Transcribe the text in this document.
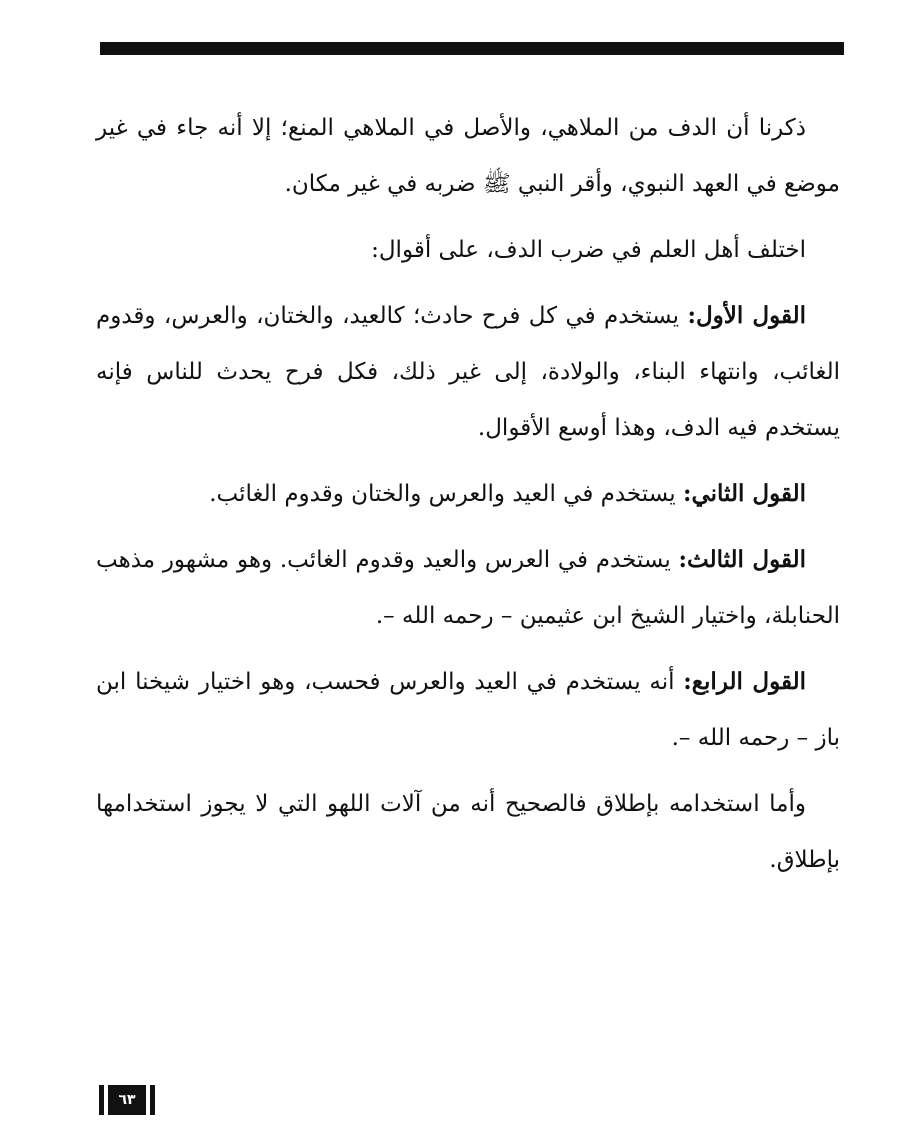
ذكرنا أن الدف من الملاهي، والأصل في الملاهي المنع؛ إلا أنه جاء في غير موضع في العهد النبوي، وأقر النبي ﷺ ضربه في غير مكان.

اختلف أهل العلم في ضرب الدف، على أقوال:

القول الأول: يستخدم في كل فرح حادث؛ كالعيد، والختان، والعرس، وقدوم الغائب، وانتهاء البناء، والولادة، إلى غير ذلك، فكل فرح يحدث للناس فإنه يستخدم فيه الدف، وهذا أوسع الأقوال.

القول الثاني: يستخدم في العيد والعرس والختان وقدوم الغائب.

القول الثالث: يستخدم في العرس والعيد وقدوم الغائب. وهو مشهور مذهب الحنابلة، واختيار الشيخ ابن عثيمين – رحمه الله –.

القول الرابع: أنه يستخدم في العيد والعرس فحسب، وهو اختيار شيخنا ابن باز – رحمه الله –.

وأما استخدامه بإطلاق فالصحيح أنه من آلات اللهو التي لا يجوز استخدامها بإطلاق.

٦٣
